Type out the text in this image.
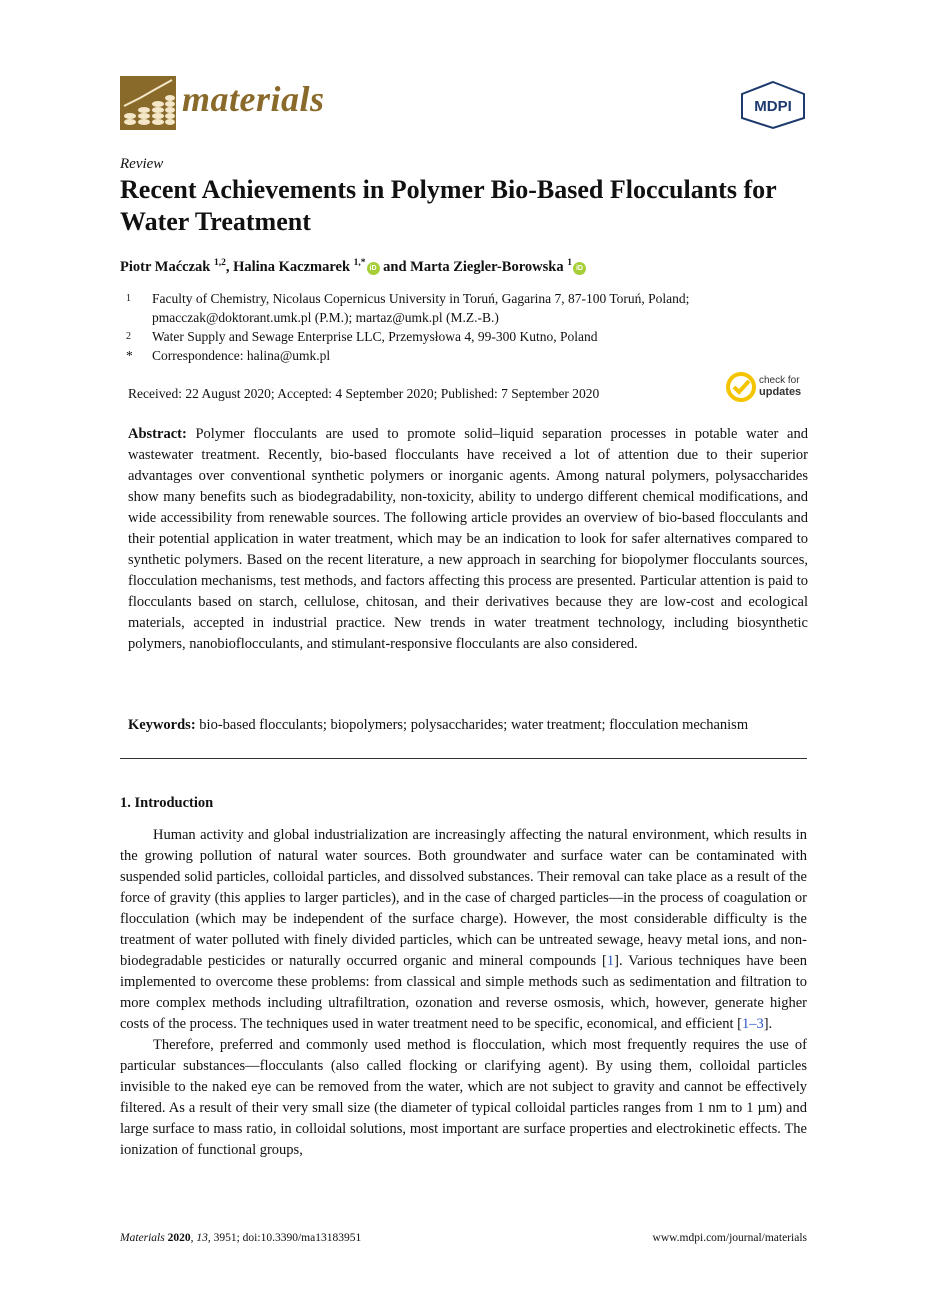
materials	MDPI
Review
Recent Achievements in Polymer Bio-Based Flocculants for Water Treatment
Piotr Maćczak $^{1,2}$, Halina Kaczmarek $^{1,*}$iD and Marta Ziegler-Borowska $^1$iD
1	Faculty of Chemistry, Nicolaus Copernicus University in Toruń, Gagarina 7, 87-100 Toruń, Poland;
pmacczak@doktorant.umk.pl (P.M.); martaz@umk.pl (M.Z.-B.)
2	Water Supply and Sewage Enterprise LLC, Przemysłowa 4, 99-300 Kutno, Poland
*	Correspondence: halina@umk.pl
Received: 22 August 2020; Accepted: 4 September 2020; Published: 7 September 2020
check for
updates
Abstract: Polymer flocculants are used to promote solid–liquid separation processes in potable water and wastewater treatment. Recently, bio-based flocculants have received a lot of attention due to their superior advantages over conventional synthetic polymers or inorganic agents. Among natural polymers, polysaccharides show many benefits such as biodegradability, non-toxicity, ability to undergo different chemical modifications, and wide accessibility from renewable sources. The following article provides an overview of bio-based flocculants and their potential application in water treatment, which may be an indication to look for safer alternatives compared to synthetic polymers. Based on the recent literature, a new approach in searching for biopolymer flocculants sources, flocculation mechanisms, test methods, and factors affecting this process are presented. Particular attention is paid to flocculants based on starch, cellulose, chitosan, and their derivatives because they are low-cost and ecological materials, accepted in industrial practice. New trends in water treatment technology, including biosynthetic polymers, nanobioflocculants, and stimulant-responsive flocculants are also considered.
Keywords: bio-based flocculants; biopolymers; polysaccharides; water treatment; flocculation mechanism
1. Introduction

Human activity and global industrialization are increasingly affecting the natural environment, which results in the growing pollution of natural water sources. Both groundwater and surface water can be contaminated with suspended solid particles, colloidal particles, and dissolved substances. Their removal can take place as a result of the force of gravity (this applies to larger particles), and in the case of charged particles—in the process of coagulation or flocculation (which may be independent of the surface charge). However, the most considerable difficulty is the treatment of water polluted with finely divided particles, which can be untreated sewage, heavy metal ions, and non-biodegradable pesticides or naturally occurred organic and mineral compounds [1]. Various techniques have been implemented to overcome these problems: from classical and simple methods such as sedimentation and filtration to more complex methods including ultrafiltration, ozonation and reverse osmosis, which, however, generate higher costs of the process. The techniques used in water treatment need to be specific, economical, and efficient [1–3].

Therefore, preferred and commonly used method is flocculation, which most frequently requires the use of particular substances—flocculants (also called flocking or clarifying agent). By using them, colloidal particles invisible to the naked eye can be removed from the water, which are not subject to gravity and cannot be effectively filtered. As a result of their very small size (the diameter of typical colloidal particles ranges from 1 nm to 1 µm) and large surface to mass ratio, in colloidal solutions, most important are surface properties and electrokinetic effects. The ionization of functional groups,

Materials 2020, 13, 3951; doi:10.3390/ma13183951	www.mdpi.com/journal/materials
